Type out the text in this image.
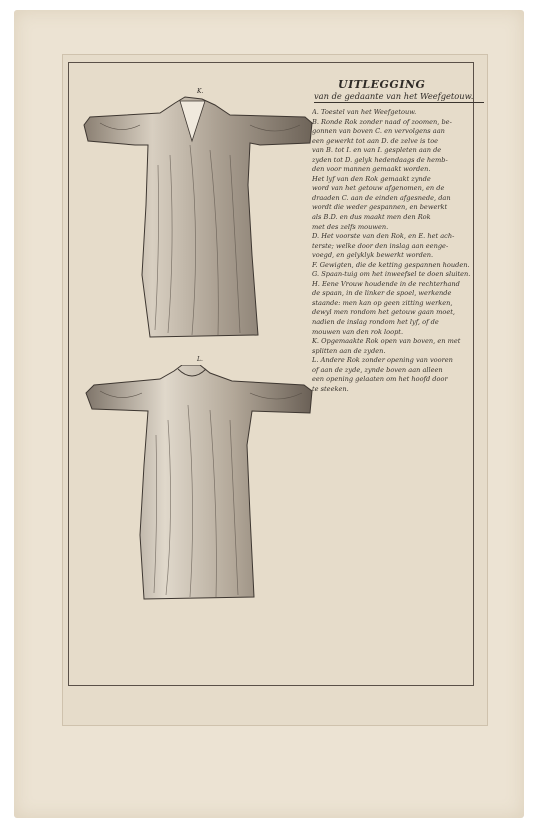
UITLEGGING
van de gedaante van het Weefgetouw.
A. Toestel van het Weefgetouw.
B. Ronde Rok zonder naad of zoomen, be-
gonnen van boven C. en vervolgens aan
een gewerkt tot aan D. de zelve is toe
van B. tot I. en van I. gespleten aan de
zyden tot D. gelyk hedendaags de hemb-
den voor mannen gemaakt worden.
Het lyf van den Rok gemaakt zynde
word van het getouw afgenomen, en de
draaden C. aan de einden afgesnede, dan
wordt die weder gespannen, en bewerkt
als B.D. en dus maakt men den Rok
met des zelfs mouwen.
D. Het voorste van den Rok, en E. het ach-
terste; welke door den inslag aan eenge-
voegd, en gelyklyk bewerkt worden.
F. Gewigten, die de ketting gespannen houden.
G. Spaan-tuig om het inweefsel te doen sluiten.
H. Eene Vrouw houdende in de rechterhand
de spaan, in de linker de spoel, werkende
staande: men kan op geen zitting werken,
dewyl men rondom het getouw gaan moet,
nadien de inslag rondom het lyf, of de
mouwen van den rok loopt.
K. Opgemaakte Rok open van boven, en met
splitten aan de zyden.
L. Andere Rok zonder opening van vooren
of aan de zyde, zynde boven aan alleen
een opening gelaaten om het hoofd door
te steeken.
K.
L.
